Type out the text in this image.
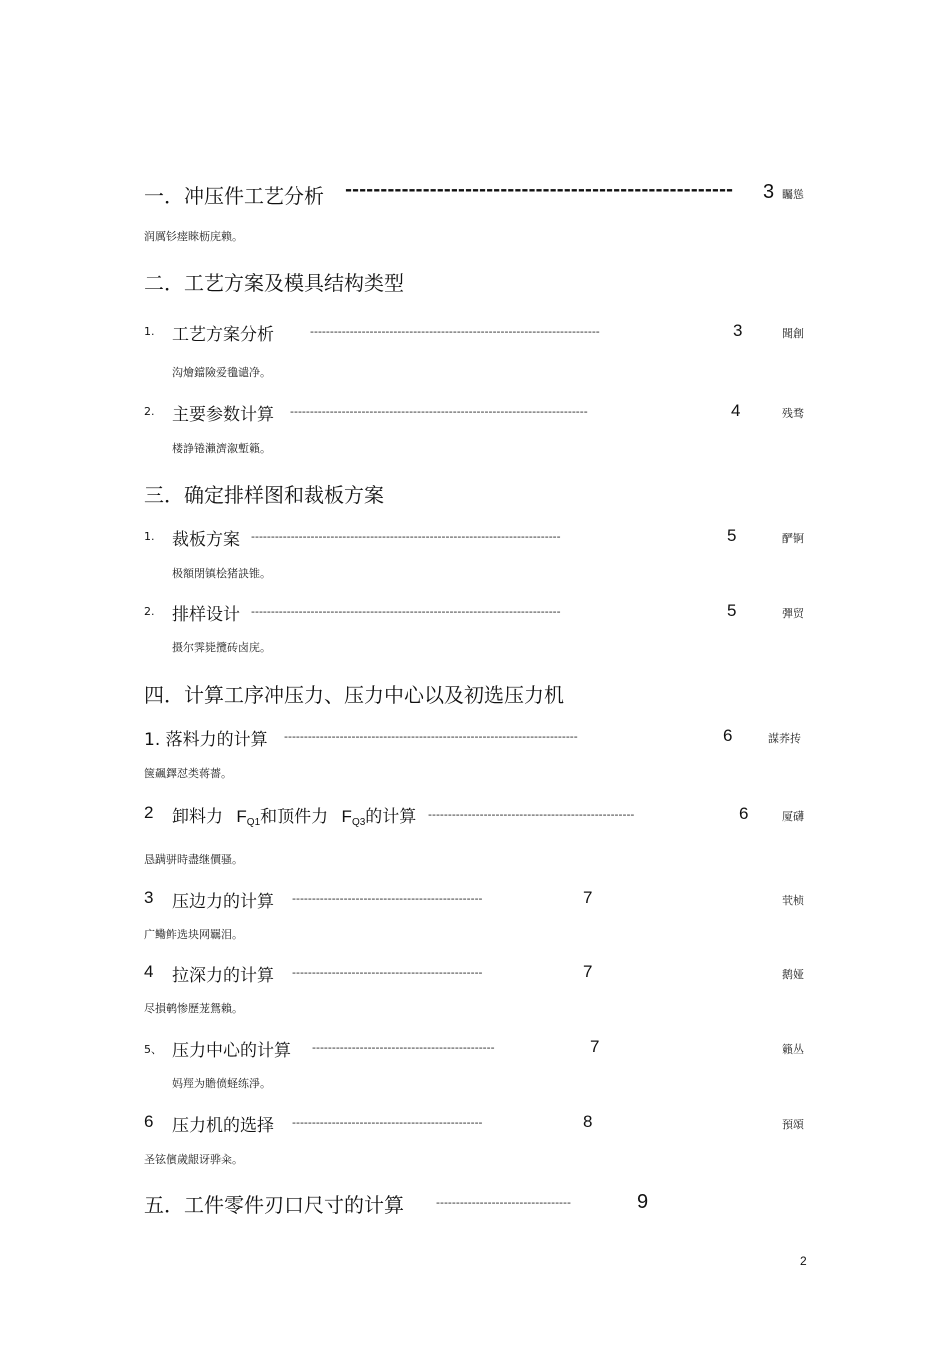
一．冲压件工艺分析 ------------------------------------------------------- 3 矚慫
润厲钐瘗睞枥庑赖。
二．工艺方案及模具结构类型
1. 工艺方案分析	-------------------------------------------------------------------------	3	聞創
沟燴鐺險爱氇谴净。
2. 主要参数计算 ---------------------------------------------------------------------------	4	残骛
楼諍锩瀨濟溆塹籟。
三．确定排样图和裁板方案
1. 裁板方案 ------------------------------------------------------------------------------	5	酽锕
极額閉镇桧猪訣锥。
2. 排样设计 ------------------------------------------------------------------------------	5	彈贸
摄尔霁毙攬砖卤庑。
四．计算工序冲压力、压力中心以及初选压力机
1. 落料力的计算 --------------------------------------------------------------------------	6	謀荞抟
箧飆鐸怼类蒋薔。
2 卸料力 $F_{Q1}$和顶件力 $F_{Q3}$的计算 ----------------------------------------------------	6	厦礴
恳蹒骈時盡继價骚。
3 压边力的计算 ------------------------------------------------	7	茕桢
广鳓鲊选块网羈泪。
4 拉深力的计算 ------------------------------------------------	7	鹅娅
尽損鹌惨歷茏鴛賴。
5、 压力中心的计算 ----------------------------------------------	7	籟丛
妈羥为贍偾蛏练淨。
6 压力机的选择 ------------------------------------------------	8	預頌
圣铉儐歲龈讶骅籴。
五．工件零件刃口尺寸的计算	----------------------------------	9
2
